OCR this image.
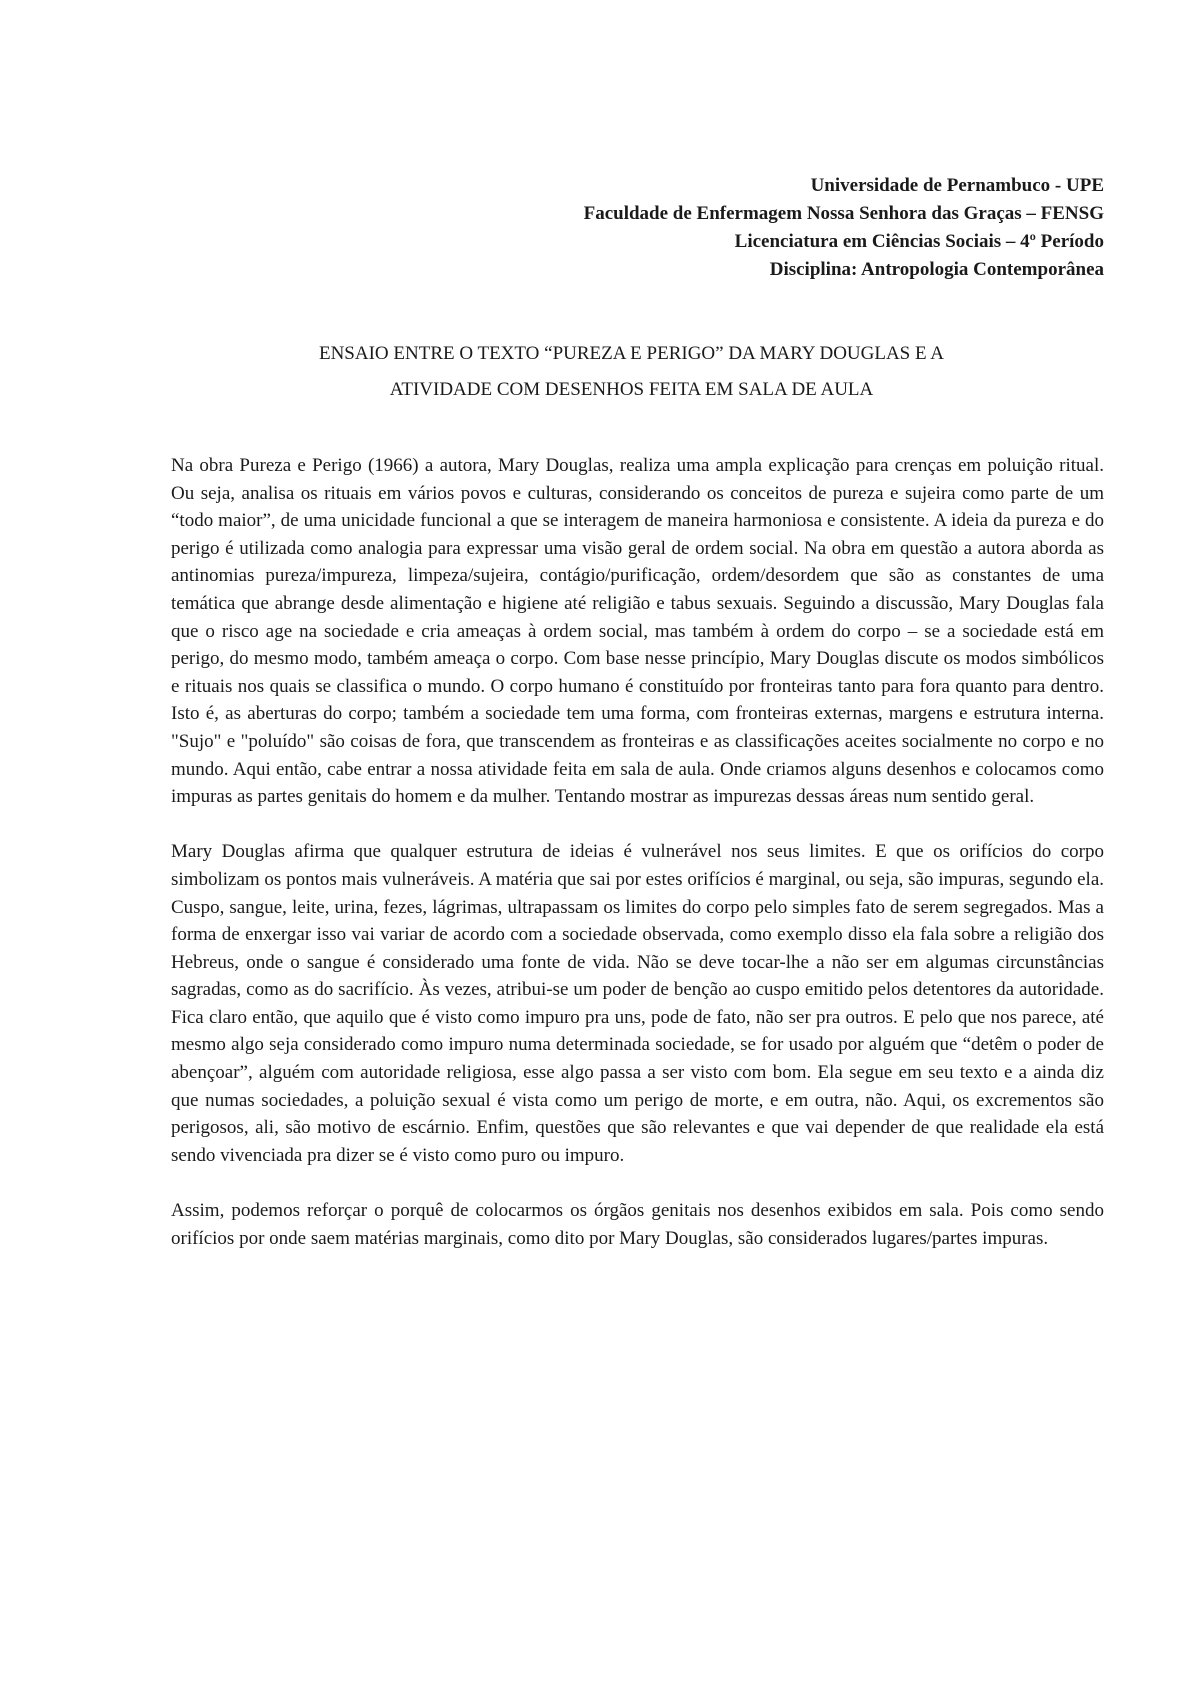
Universidade de Pernambuco - UPE
Faculdade de Enfermagem Nossa Senhora das Graças – FENSG
Licenciatura em Ciências Sociais – 4º Período
Disciplina: Antropologia Contemporânea
ENSAIO ENTRE O TEXTO “PUREZA E PERIGO” DA MARY DOUGLAS E A
ATIVIDADE COM DESENHOS FEITA EM SALA DE AULA

Na obra Pureza e Perigo (1966) a autora, Mary Douglas, realiza uma ampla explicação para crenças em poluição ritual. Ou seja, analisa os rituais em vários povos e culturas, considerando os conceitos de pureza e sujeira como parte de um “todo maior”, de uma unicidade funcional a que se interagem de maneira harmoniosa e consistente. A ideia da pureza e do perigo é utilizada como analogia para expressar uma visão geral de ordem social. Na obra em questão a autora aborda as antinomias pureza/impureza, limpeza/sujeira, contágio/purificação, ordem/desordem que são as constantes de uma temática que abrange desde alimentação e higiene até religião e tabus sexuais. Seguindo a discussão, Mary Douglas fala que o risco age na sociedade e cria ameaças à ordem social, mas também à ordem do corpo – se a sociedade está em perigo, do mesmo modo, também ameaça o corpo. Com base nesse princípio, Mary Douglas discute os modos simbólicos e rituais nos quais se classifica o mundo. O corpo humano é constituído por fronteiras tanto para fora quanto para dentro. Isto é, as aberturas do corpo; também a sociedade tem uma forma, com fronteiras externas, margens e estrutura interna. "Sujo" e "poluído" são coisas de fora, que transcendem as fronteiras e as classificações aceites socialmente no corpo e no mundo. Aqui então, cabe entrar a nossa atividade feita em sala de aula. Onde criamos alguns desenhos e colocamos como impuras as partes genitais do homem e da mulher. Tentando mostrar as impurezas dessas áreas num sentido geral.

Mary Douglas afirma que qualquer estrutura de ideias é vulnerável nos seus limites. E que os orifícios do corpo simbolizam os pontos mais vulneráveis. A matéria que sai por estes orifícios é marginal, ou seja, são impuras, segundo ela. Cuspo, sangue, leite, urina, fezes, lágrimas, ultrapassam os limites do corpo pelo simples fato de serem segregados. Mas a forma de enxergar isso vai variar de acordo com a sociedade observada, como exemplo disso ela fala sobre a religião dos Hebreus, onde o sangue é considerado uma fonte de vida. Não se deve tocar-lhe a não ser em algumas circunstâncias sagradas, como as do sacrifício. Às vezes, atribui-se um poder de benção ao cuspo emitido pelos detentores da autoridade. Fica claro então, que aquilo que é visto como impuro pra uns, pode de fato, não ser pra outros. E pelo que nos parece, até mesmo algo seja considerado como impuro numa determinada sociedade, se for usado por alguém que “detêm o poder de abençoar”, alguém com autoridade religiosa, esse algo passa a ser visto com bom. Ela segue em seu texto e a ainda diz que numas sociedades, a poluição sexual é vista como um perigo de morte, e em outra, não. Aqui, os excrementos são perigosos, ali, são motivo de escárnio. Enfim, questões que são relevantes e que vai depender de que realidade ela está sendo vivenciada pra dizer se é visto como puro ou impuro.

Assim, podemos reforçar o porquê de colocarmos os órgãos genitais nos desenhos exibidos em sala. Pois como sendo orifícios por onde saem matérias marginais, como dito por Mary Douglas, são considerados lugares/partes impuras.
